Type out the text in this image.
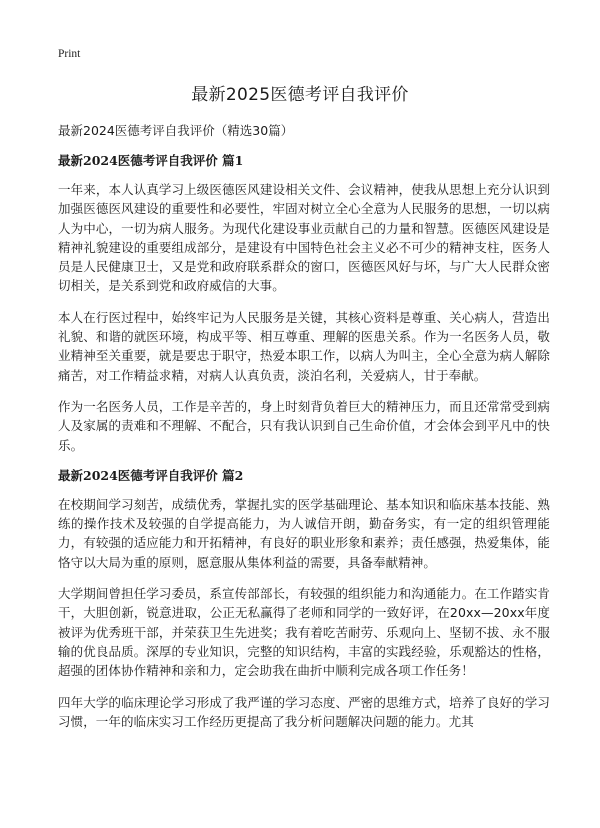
Print
最新2025医德考评自我评价

最新2024医德考评自我评价（精选30篇）

最新2024医德考评自我评价 篇1

一年来，本人认真学习上级医德医风建设相关文件、会议精神，使我从思想上充分认识到加强医德医风建设的重要性和必要性，牢固对树立全心全意为人民服务的思想，一切以病人为中心，一切为病人服务。为现代化建设事业贡献自己的力量和智慧。医德医风建设是精神礼貌建设的重要组成部分，是建设有中国特色社会主义必不可少的精神支柱，医务人员是人民健康卫士，又是党和政府联系群众的窗口，医德医风好与坏，与广大人民群众密切相关，是关系到党和政府威信的大事。

本人在行医过程中，始终牢记为人民服务是关键，其核心资料是尊重、关心病人，营造出礼貌、和谐的就医环境，构成平等、相互尊重、理解的医患关系。作为一名医务人员，敬业精神至关重要，就是要忠于职守，热爱本职工作，以病人为叫主，全心全意为病人解除痛苦，对工作精益求精，对病人认真负责，淡泊名利，关爱病人，甘于奉献。

作为一名医务人员，工作是辛苦的，身上时刻背负着巨大的精神压力，而且还常常受到病人及家属的责难和不理解、不配合，只有我认识到自己生命价值，才会体会到平凡中的快乐。

最新2024医德考评自我评价 篇2

在校期间学习刻苦，成绩优秀，掌握扎实的医学基础理论、基本知识和临床基本技能、熟练的操作技术及较强的自学提高能力，为人诚信开朗，勤奋务实，有一定的组织管理能力，有较强的适应能力和开拓精神，有良好的职业形象和素养；责任感强，热爱集体，能恪守以大局为重的原则，愿意服从集体利益的需要，具备奉献精神。

大学期间曾担任学习委员，系宣传部部长，有较强的组织能力和沟通能力。在工作踏实肯干，大胆创新，锐意进取，公正无私赢得了老师和同学的一致好评，在20xx—20xx年度被评为优秀班干部，并荣获卫生先进奖；我有着吃苦耐劳、乐观向上、坚韧不拔、永不服输的优良品质。深厚的专业知识，完整的知识结构，丰富的实践经验，乐观豁达的性格，超强的团体协作精神和亲和力，定会助我在曲折中顺利完成各项工作任务！

四年大学的临床理论学习形成了我严谨的学习态度、严密的思维方式，培养了良好的学习习惯，一年的临床实习工作经历更提高了我分析问题解决问题的能力。尤其
